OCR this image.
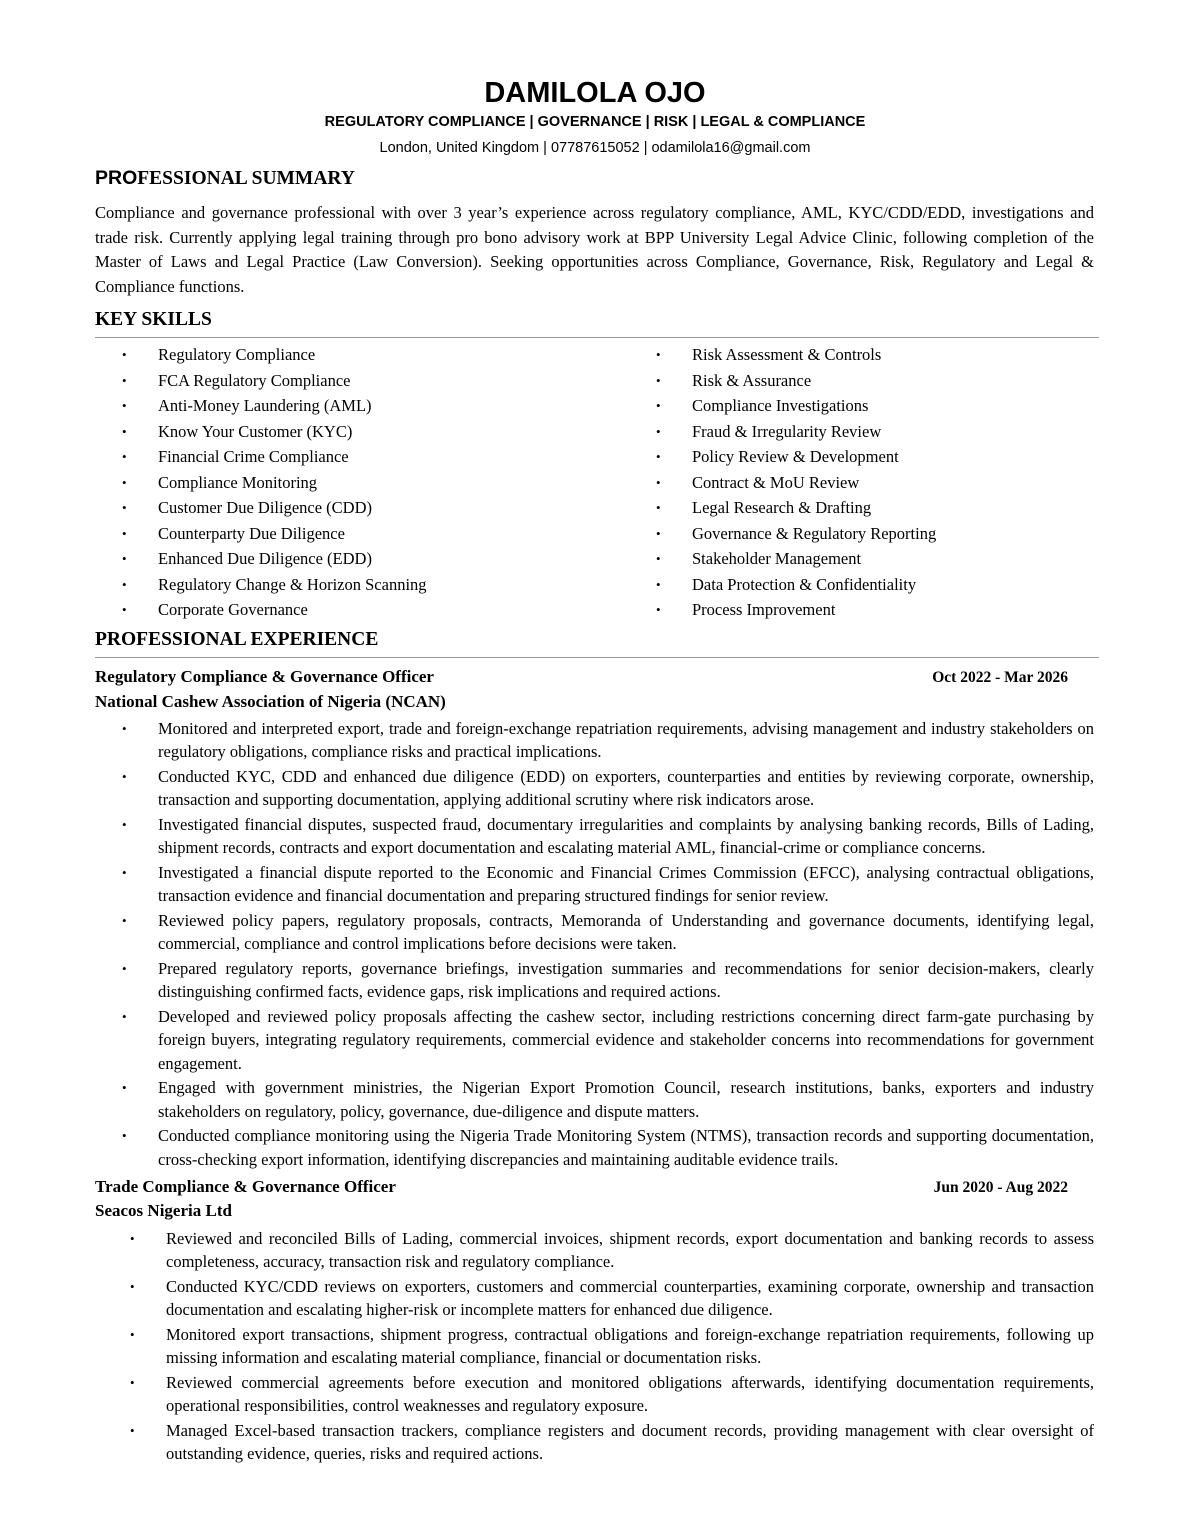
DAMILOLA OJO
REGULATORY COMPLIANCE | GOVERNANCE | RISK | LEGAL & COMPLIANCE
London, United Kingdom | 07787615052 | odamilola16@gmail.com
PROFESSIONAL SUMMARY
Compliance and governance professional with over 3 year’s experience across regulatory compliance, AML, KYC/CDD/EDD, investigations and trade risk. Currently applying legal training through pro bono advisory work at BPP University Legal Advice Clinic, following completion of the Master of Laws and Legal Practice (Law Conversion). Seeking opportunities across Compliance, Governance, Risk, Regulatory and Legal & Compliance functions.
KEY SKILLS
• Regulatory Compliance
• FCA Regulatory Compliance
• Anti-Money Laundering (AML)
• Know Your Customer (KYC)
• Financial Crime Compliance
• Compliance Monitoring
• Customer Due Diligence (CDD)
• Counterparty Due Diligence
• Enhanced Due Diligence (EDD)
• Regulatory Change & Horizon Scanning
• Corporate Governance
• Risk Assessment & Controls
• Risk & Assurance
• Compliance Investigations
• Fraud & Irregularity Review
• Policy Review & Development
• Contract & MoU Review
• Legal Research & Drafting
• Governance & Regulatory Reporting
• Stakeholder Management
• Data Protection & Confidentiality
• Process Improvement
PROFESSIONAL EXPERIENCE
Regulatory Compliance & Governance Officer	Oct 2022 - Mar 2026
National Cashew Association of Nigeria (NCAN)
• Monitored and interpreted export, trade and foreign-exchange repatriation requirements, advising management and industry stakeholders on regulatory obligations, compliance risks and practical implications.
• Conducted KYC, CDD and enhanced due diligence (EDD) on exporters, counterparties and entities by reviewing corporate, ownership, transaction and supporting documentation, applying additional scrutiny where risk indicators arose.
• Investigated financial disputes, suspected fraud, documentary irregularities and complaints by analysing banking records, Bills of Lading, shipment records, contracts and export documentation and escalating material AML, financial-crime or compliance concerns.
• Investigated a financial dispute reported to the Economic and Financial Crimes Commission (EFCC), analysing contractual obligations, transaction evidence and financial documentation and preparing structured findings for senior review.
• Reviewed policy papers, regulatory proposals, contracts, Memoranda of Understanding and governance documents, identifying legal, commercial, compliance and control implications before decisions were taken.
• Prepared regulatory reports, governance briefings, investigation summaries and recommendations for senior decision-makers, clearly distinguishing confirmed facts, evidence gaps, risk implications and required actions.
• Developed and reviewed policy proposals affecting the cashew sector, including restrictions concerning direct farm-gate purchasing by foreign buyers, integrating regulatory requirements, commercial evidence and stakeholder concerns into recommendations for government engagement.
• Engaged with government ministries, the Nigerian Export Promotion Council, research institutions, banks, exporters and industry stakeholders on regulatory, policy, governance, due-diligence and dispute matters.
• Conducted compliance monitoring using the Nigeria Trade Monitoring System (NTMS), transaction records and supporting documentation, cross-checking export information, identifying discrepancies and maintaining auditable evidence trails.
Trade Compliance & Governance Officer	Jun 2020 - Aug 2022
Seacos Nigeria Ltd
• Reviewed and reconciled Bills of Lading, commercial invoices, shipment records, export documentation and banking records to assess completeness, accuracy, transaction risk and regulatory compliance.
• Conducted KYC/CDD reviews on exporters, customers and commercial counterparties, examining corporate, ownership and transaction documentation and escalating higher-risk or incomplete matters for enhanced due diligence.
• Monitored export transactions, shipment progress, contractual obligations and foreign-exchange repatriation requirements, following up missing information and escalating material compliance, financial or documentation risks.
• Reviewed commercial agreements before execution and monitored obligations afterwards, identifying documentation requirements, operational responsibilities, control weaknesses and regulatory exposure.
• Managed Excel-based transaction trackers, compliance registers and document records, providing management with clear oversight of outstanding evidence, queries, risks and required actions.
